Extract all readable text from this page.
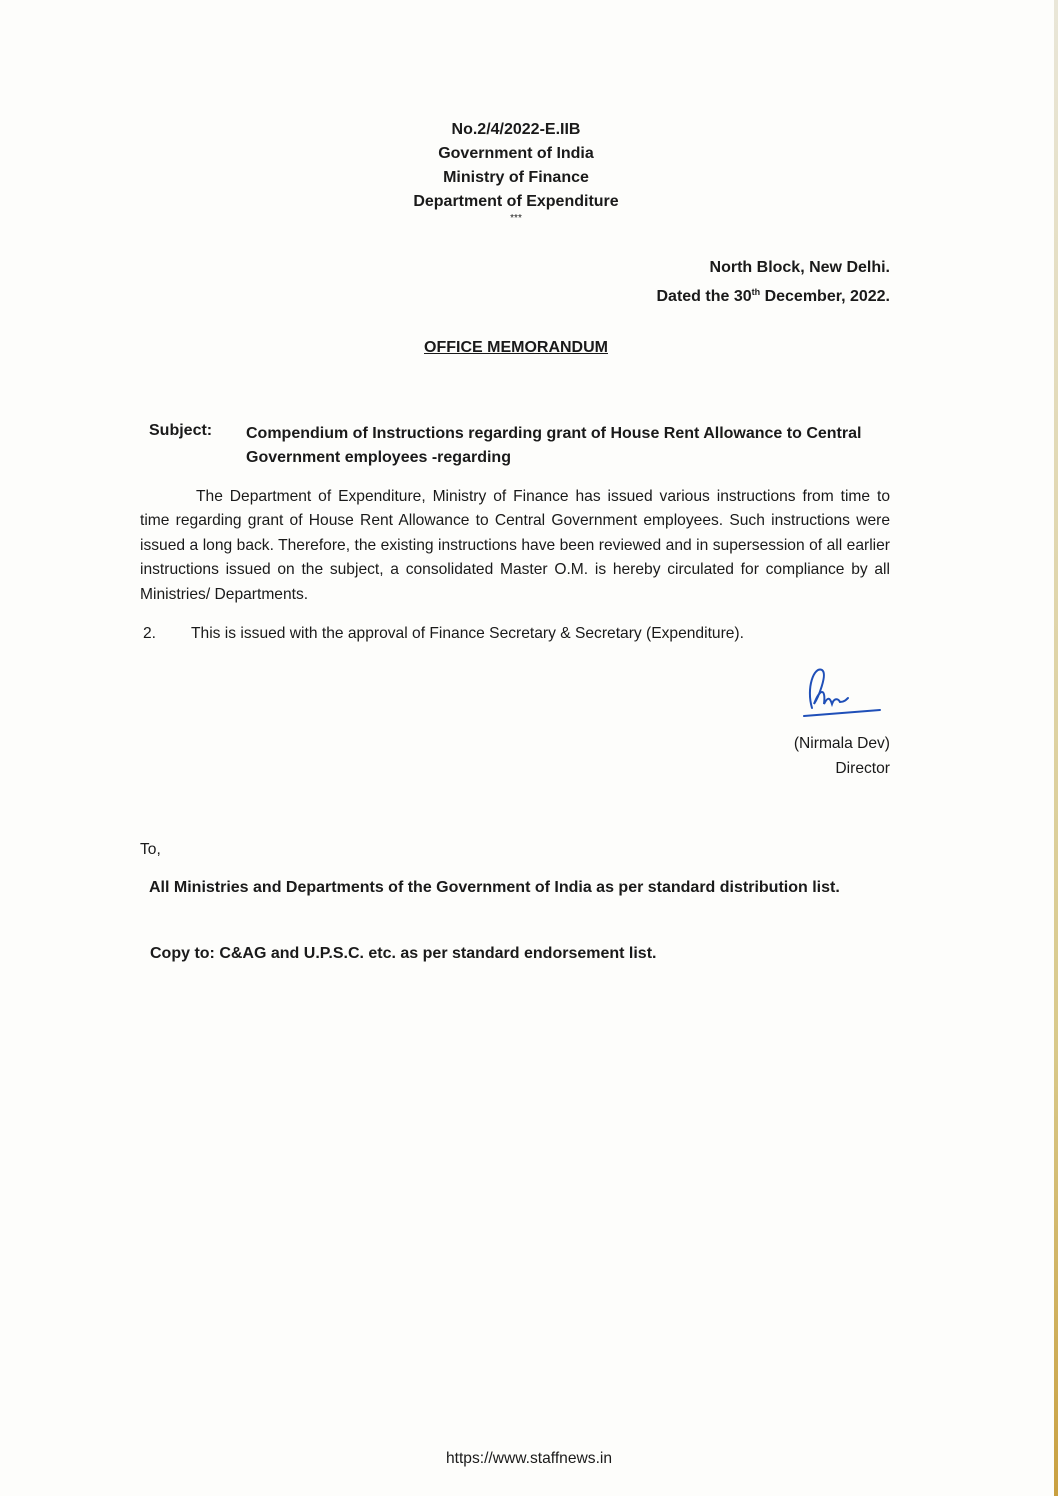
No.2/4/2022-E.IIB
Government of India
Ministry of Finance
Department of Expenditure
***
North Block, New Delhi.
Dated the 30th December, 2022.
OFFICE MEMORANDUM
Subject: Compendium of Instructions regarding grant of House Rent Allowance to Central Government employees -regarding
The Department of Expenditure, Ministry of Finance has issued various instructions from time to time regarding grant of House Rent Allowance to Central Government employees. Such instructions were issued a long back. Therefore, the existing instructions have been reviewed and in supersession of all earlier instructions issued on the subject, a consolidated Master O.M. is hereby circulated for compliance by all Ministries/ Departments.
2. This is issued with the approval of Finance Secretary & Secretary (Expenditure).
(Nirmala Dev)
Director
To,
All Ministries and Departments of the Government of India as per standard distribution list.
Copy to: C&AG and U.P.S.C. etc. as per standard endorsement list.
https://www.staffnews.in
